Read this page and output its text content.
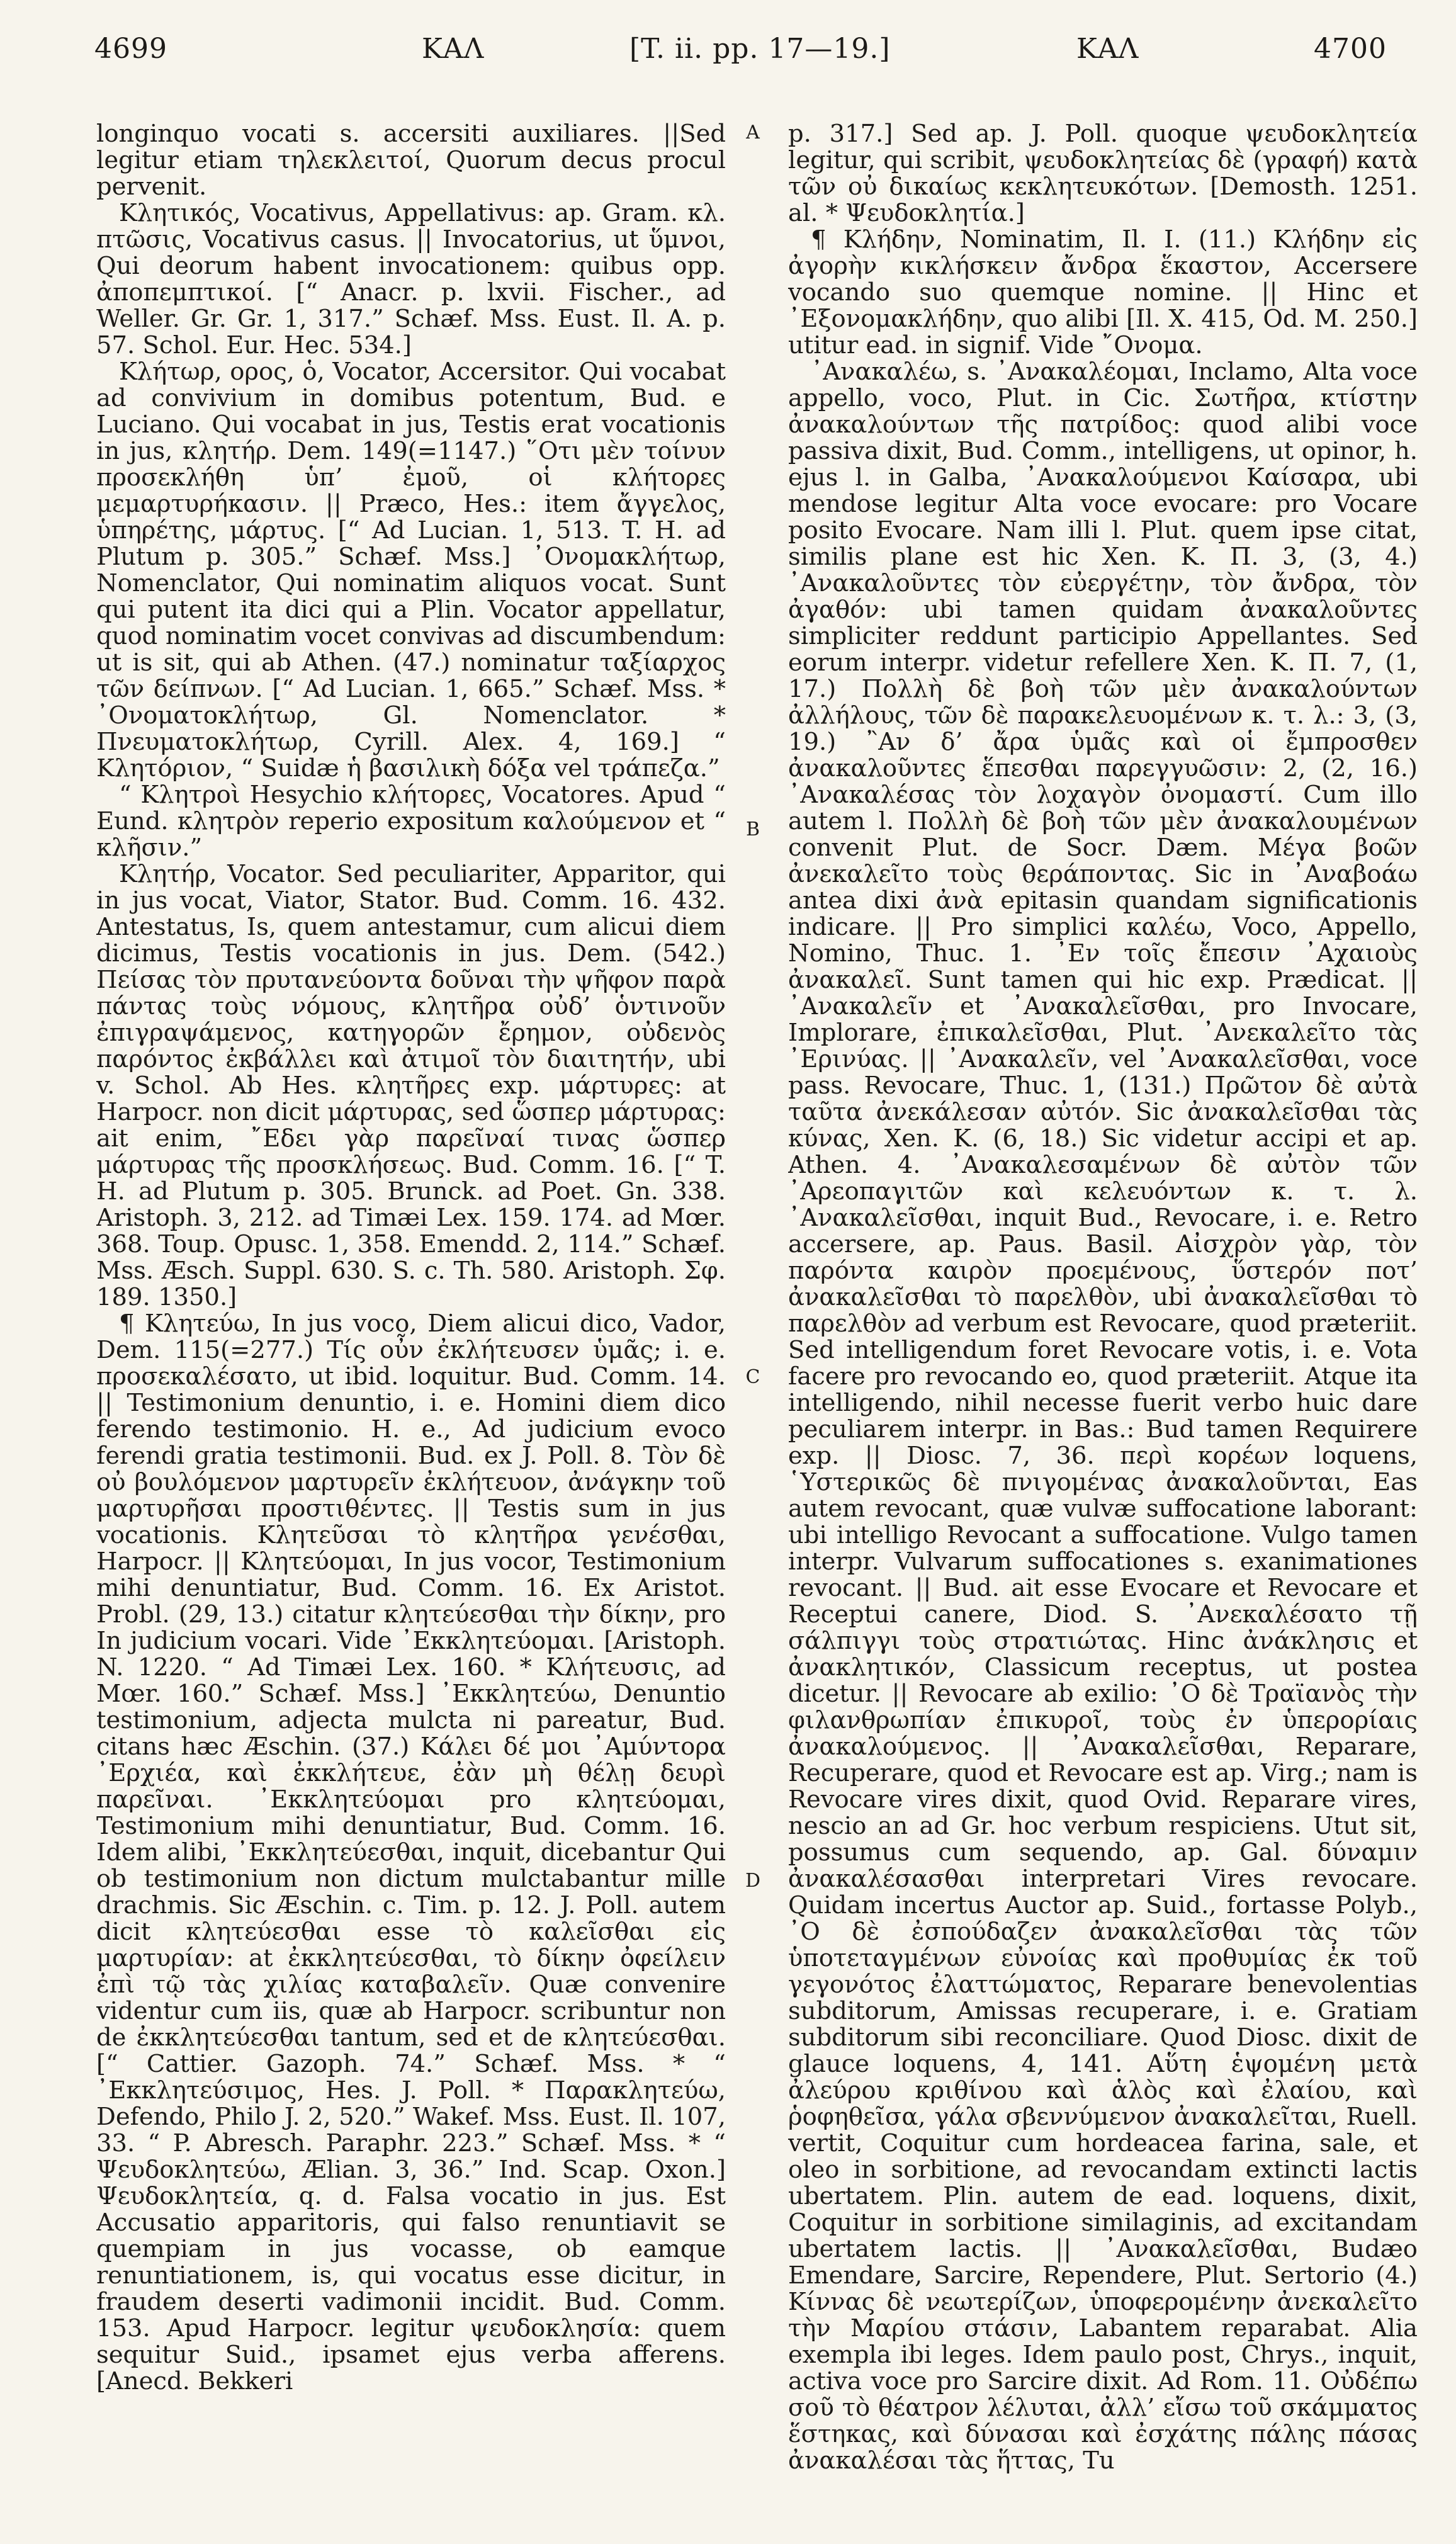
4699	ΚΑΛ	[T. ii. pp. 17—19.]	ΚΑΛ	4700

longinquo vocati s. accersiti auxiliares. ||Sed legitur etiam τηλεκλειτοί, Quorum decus procul pervenit.

Κλητικός, Vocativus, Appellativus: ap. Gram. κλ. πτῶσις, Vocativus casus. || Invocatorius, ut ὕμνοι, Qui deorum habent invocationem: quibus opp. ἀποπεμπτικοί. [“ Anacr. p. lxvii. Fischer., ad Weller. Gr. Gr. 1, 317.” Schæf. Mss. Eust. Il. A. p. 57. Schol. Eur. Hec. 534.]

Κλήτωρ, ορος, ὁ, Vocator, Accersitor. Qui vocabat ad convivium in domibus potentum, Bud. e Luciano. Qui vocabat in jus, Testis erat vocationis in jus, κλητήρ. Dem. 149(=1147.) ῞Οτι μὲν τοίνυν προσεκλήθη ὑπ’ ἐμοῦ, οἱ κλήτορες μεμαρτυρήκασιν. || Præco, Hes.: item ἄγγελος, ὑπηρέτης, μάρτυς. [“ Ad Lucian. 1, 513. T. H. ad Plutum p. 305.” Schæf. Mss.] ᾿Ονομακλήτωρ, Nomenclator, Qui nominatim aliquos vocat. Sunt qui putent ita dici qui a Plin. Vocator appellatur, quod nominatim vocet convivas ad discumbendum: ut is sit, qui ab Athen. (47.) nominatur ταξίαρχος τῶν δείπνων. [“ Ad Lucian. 1, 665.” Schæf. Mss. * ᾿Ονοματοκλήτωρ, Gl. Nomenclator. * Πνευματοκλήτωρ, Cyrill. Alex. 4, 169.] “ Κλητόριον, “ Suidæ ἡ βασιλικὴ δόξα vel τράπεζα.”

“ Κλητροὶ Hesychio κλήτορες, Vocatores. Apud “ Eund. κλητρὸν reperio expositum καλούμενον et “ κλῆσιν.”

Κλητήρ, Vocator. Sed peculiariter, Apparitor, qui in jus vocat, Viator, Stator. Bud. Comm. 16. 432. Antestatus, Is, quem antestamur, cum alicui diem dicimus, Testis vocationis in jus. Dem. (542.) Πείσας τὸν πρυτανεύοντα δοῦναι τὴν ψῆφον παρὰ πάντας τοὺς νόμους, κλητῆρα οὐδ’ ὁντινοῦν ἐπιγραψάμενος, κατηγορῶν ἔρημον, οὐδενὸς παρόντος ἐκβάλλει καὶ ἀτιμοῖ τὸν διαιτητήν, ubi v. Schol. Ab Hes. κλητῆρες exp. μάρτυρες: at Harpocr. non dicit μάρτυρας, sed ὥσπερ μάρτυρας: ait enim, ῎Εδει γὰρ παρεῖναί τινας ὥσπερ μάρτυρας τῆς προσκλήσεως. Bud. Comm. 16. [“ T. H. ad Plutum p. 305. Brunck. ad Poet. Gn. 338. Aristoph. 3, 212. ad Timæi Lex. 159. 174. ad Mœr. 368. Toup. Opusc. 1, 358. Emendd. 2, 114.” Schæf. Mss. Æsch. Suppl. 630. S. c. Th. 580. Aristoph. Σφ. 189. 1350.]

¶ Κλητεύω, In jus voco, Diem alicui dico, Vador, Dem. 115(=277.) Τίς οὖν ἐκλήτευσεν ὑμᾶς; i. e. προσεκαλέσατο, ut ibid. loquitur. Bud. Comm. 14. || Testimonium denuntio, i. e. Homini diem dico ferendo testimonio. H. e., Ad judicium evoco ferendi gratia testimonii. Bud. ex J. Poll. 8. Τὸν δὲ οὐ βουλόμενον μαρτυρεῖν ἐκλήτευον, ἀνάγκην τοῦ μαρτυρῆσαι προστιθέντες. || Testis sum in jus vocationis. Κλητεῦσαι τὸ κλητῆρα γενέσθαι, Harpocr. || Κλητεύομαι, In jus vocor, Testimonium mihi denuntiatur, Bud. Comm. 16. Ex Aristot. Probl. (29, 13.) citatur κλητεύεσθαι τὴν δίκην, pro In judicium vocari. Vide ᾿Εκκλητεύομαι. [Aristoph. N. 1220. “ Ad Timæi Lex. 160. * Κλήτευσις, ad Mœr. 160.” Schæf. Mss.] ᾿Εκκλητεύω, Denuntio testimonium, adjecta mulcta ni pareatur, Bud. citans hæc Æschin. (37.) Κάλει δέ μοι ᾿Αμύντορα ᾿Ερχιέα, καὶ ἐκκλήτευε, ἐὰν μὴ θέλῃ δευρὶ παρεῖναι. ᾿Εκκλητεύομαι pro κλητεύομαι, Testimonium mihi denuntiatur, Bud. Comm. 16. Idem alibi, ᾿Εκκλητεύεσθαι, inquit, dicebantur Qui ob testimonium non dictum mulctabantur mille drachmis. Sic Æschin. c. Tim. p. 12. J. Poll. autem dicit κλητεύεσθαι esse τὸ καλεῖσθαι εἰς μαρτυρίαν: at ἐκκλητεύεσθαι, τὸ δίκην ὀφείλειν ἐπὶ τῷ τὰς χιλίας καταβαλεῖν. Quæ convenire videntur cum iis, quæ ab Harpocr. scribuntur non de ἐκκλητεύεσθαι tantum, sed et de κλητεύεσθαι. [“ Cattier. Gazoph. 74.” Schæf. Mss. * “ ᾿Εκκλητεύσιμος, Hes. J. Poll. * Παρακλητεύω, Defendo, Philo J. 2, 520.” Wakef. Mss. Eust. Il. 107, 33. “ P. Abresch. Paraphr. 223.” Schæf. Mss. * “ Ψευδοκλητεύω, Ælian. 3, 36.” Ind. Scap. Oxon.] Ψευδοκλητεία, q. d. Falsa vocatio in jus. Est Accusatio apparitoris, qui falso renuntiavit se quempiam in jus vocasse, ob eamque renuntiationem, is, qui vocatus esse dicitur, in fraudem deserti vadimonii incidit. Bud. Comm. 153. Apud Harpocr. legitur ψευδοκλησία: quem sequitur Suid., ipsamet ejus verba afferens. [Anecd. Bekkeri

A
B
C
D

p. 317.] Sed ap. J. Poll. quoque ψευδοκλητεία legitur, qui scribit, ψευδοκλητείας δὲ (γραφή) κατὰ τῶν οὐ δικαίως κεκλητευκότων. [Demosth. 1251. al. * Ψευδοκλητία.]

¶ Κλήδην, Nominatim, Il. I. (11.) Κλήδην εἰς ἀγορὴν κικλήσκειν ἄνδρα ἕκαστον, Accersere vocando suo quemque nomine. || Hinc et ᾿Εξονομακλήδην, quo alibi [Il. X. 415, Od. M. 250.] utitur ead. in signif. Vide ῎Ονομα.

᾿Ανακαλέω, s. ᾿Ανακαλέομαι, Inclamo, Alta voce appello, voco, Plut. in Cic. Σωτῆρα, κτίστην ἀνακαλούντων τῆς πατρίδος: quod alibi voce passiva dixit, Bud. Comm., intelligens, ut opinor, h. ejus l. in Galba, ᾿Ανακαλούμενοι Καίσαρα, ubi mendose legitur Alta voce evocare: pro Vocare posito Evocare. Nam illi l. Plut. quem ipse citat, similis plane est hic Xen. K. Π. 3, (3, 4.) ᾿Ανακαλοῦντες τὸν εὐεργέτην, τὸν ἄνδρα, τὸν ἀγαθόν: ubi tamen quidam ἀνακαλοῦντες simpliciter reddunt participio Appellantes. Sed eorum interpr. videtur refellere Xen. K. Π. 7, (1, 17.) Πολλὴ δὲ βοὴ τῶν μὲν ἀνακαλούντων ἀλλήλους, τῶν δὲ παρακελευομένων κ. τ. λ.: 3, (3, 19.) ῍Αν δ’ ἄρα ὑμᾶς καὶ οἱ ἔμπροσθεν ἀνακαλοῦντες ἕπεσθαι παρεγγυῶσιν: 2, (2, 16.) ᾿Ανακαλέσας τὸν λοχαγὸν ὀνομαστί. Cum illo autem l. Πολλὴ δὲ βοὴ τῶν μὲν ἀνακαλουμένων convenit Plut. de Socr. Dæm. Μέγα βοῶν ἀνεκαλεῖτο τοὺς θεράποντας. Sic in ᾿Αναβοάω antea dixi ἀνὰ epitasin quandam significationis indicare. || Pro simplici καλέω, Voco, Appello, Nomino, Thuc. 1. ᾿Εν τοῖς ἔπεσιν ᾿Αχαιοὺς ἀνακαλεῖ. Sunt tamen qui hic exp. Prædicat. || ᾿Ανακαλεῖν et ᾿Ανακαλεῖσθαι, pro Invocare, Implorare, ἐπικαλεῖσθαι, Plut. ᾿Ανεκαλεῖτο τὰς ᾿Ερινύας. || ᾿Ανακαλεῖν, vel ᾿Ανακαλεῖσθαι, voce pass. Revocare, Thuc. 1, (131.) Πρῶτον δὲ αὐτὰ ταῦτα ἀνεκάλεσαν αὐτόν. Sic ἀνακαλεῖσθαι τὰς κύνας, Xen. K. (6, 18.) Sic videtur accipi et ap. Athen. 4. ᾿Ανακαλεσαμένων δὲ αὐτὸν τῶν ᾿Αρεοπαγιτῶν καὶ κελευόντων κ. τ. λ. ᾿Ανακαλεῖσθαι, inquit Bud., Revocare, i. e. Retro accersere, ap. Paus. Basil. Αἰσχρὸν γὰρ, τὸν παρόντα καιρὸν προεμένους, ὕστερόν ποτ’ ἀνακαλεῖσθαι τὸ παρελθὸν, ubi ἀνακαλεῖσθαι τὸ παρελθὸν ad verbum est Revocare, quod præteriit. Sed intelligendum foret Revocare votis, i. e. Vota facere pro revocando eo, quod præteriit. Atque ita intelligendo, nihil necesse fuerit verbo huic dare peculiarem interpr. in Bas.: Bud tamen Requirere exp. || Diosc. 7, 36. περὶ κορέων loquens, ῾Υστερικῶς δὲ πνιγομένας ἀνακαλοῦνται, Eas autem revocant, quæ vulvæ suffocatione laborant: ubi intelligo Revocant a suffocatione. Vulgo tamen interpr. Vulvarum suffocationes s. exanimationes revocant. || Bud. ait esse Evocare et Revocare et Receptui canere, Diod. S. ᾿Ανεκαλέσατο τῇ σάλπιγγι τοὺς στρατιώτας. Hinc ἀνάκλησις et ἀνακλητικόν, Classicum receptus, ut postea dicetur. || Revocare ab exilio: ᾿Ο δὲ Τραϊανὸς τὴν φιλανθρωπίαν ἐπικυροῖ, τοὺς ἐν ὑπερορίαις ἀνακαλούμενος. || ᾿Ανακαλεῖσθαι, Reparare, Recuperare, quod et Revocare est ap. Virg.; nam is Revocare vires dixit, quod Ovid. Reparare vires, nescio an ad Gr. hoc verbum respiciens. Utut sit, possumus cum sequendo, ap. Gal. δύναμιν ἀνακαλέσασθαι interpretari Vires revocare. Quidam incertus Auctor ap. Suid., fortasse Polyb., ᾿Ο δὲ ἐσπούδαζεν ἀνακαλεῖσθαι τὰς τῶν ὑποτεταγμένων εὐνοίας καὶ προθυμίας ἐκ τοῦ γεγονότος ἐλαττώματος, Reparare benevolentias subditorum, Amissas recuperare, i. e. Gratiam subditorum sibi reconciliare. Quod Diosc. dixit de glauce loquens, 4, 141. Αὕτη ἑψομένη μετὰ ἀλεύρου κριθίνου καὶ ἁλὸς καὶ ἐλαίου, καὶ ῥοφηθεῖσα, γάλα σβεννύμενον ἀνακαλεῖται, Ruell. vertit, Coquitur cum hordeacea farina, sale, et oleo in sorbitione, ad revocandam extincti lactis ubertatem. Plin. autem de ead. loquens, dixit, Coquitur in sorbitione similaginis, ad excitandam ubertatem lactis. || ᾿Ανακαλεῖσθαι, Budæo Emendare, Sarcire, Rependere, Plut. Sertorio (4.) Κίννας δὲ νεωτερίζων, ὑποφερομένην ἀνεκαλεῖτο τὴν Μαρίου στάσιν, Labantem reparabat. Alia exempla ibi leges. Idem paulo post, Chrys., inquit, activa voce pro Sarcire dixit. Ad Rom. 11. Οὐδέπω σοῦ τὸ θέατρον λέλυται, ἀλλ’ εἴσω τοῦ σκάμματος ἕστηκας, καὶ δύνασαι καὶ ἐσχάτης πάλης πάσας ἀνακαλέσαι τὰς ἥττας, Tu
